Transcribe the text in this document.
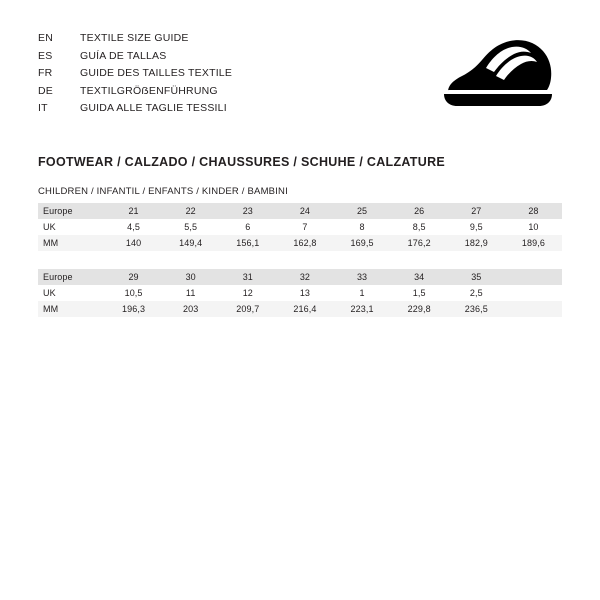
EN	TEXTILE SIZE GUIDE
ES	GUÍA DE TALLAS
FR	GUIDE DES TAILLES TEXTILE
DE	TEXTILGRÖẞENFÜHRUNG
IT	GUIDA ALLE TAGLIE TESSILI
FOOTWEAR / CALZADO / CHAUSSURES / SCHUHE / CALZATURE
CHILDREN / INFANTIL / ENFANTS / KINDER / BAMBINI
Europe	21	22	23	24	25	26	27	28
UK	4,5	5,5	6	7	8	8,5	9,5	10
MM	140	149,4	156,1	162,8	169,5	176,2	182,9	189,6
Europe	29	30	31	32	33	34	35	
UK	10,5	11	12	13	1	1,5	2,5	
MM	196,3	203	209,7	216,4	223,1	229,8	236,5	
